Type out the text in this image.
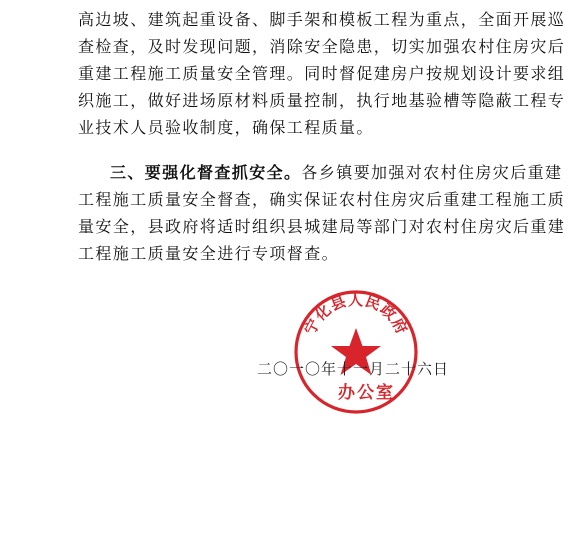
高边坡、建筑起重设备、脚手架和模板工程为重点，全面开展巡
查检查，及时发现问题，消除安全隐患，切实加强农村住房灾后
重建工程施工质量安全管理。同时督促建房户按规划设计要求组
织施工，做好进场原材料质量控制，执行地基验槽等隐蔽工程专
业技术人员验收制度，确保工程质量。
三、要强化督查抓安全。各乡镇要加强对农村住房灾后重建
工程施工质量安全督查，确实保证农村住房灾后重建工程施工质
量安全，县政府将适时组织县城建局等部门对农村住房灾后重建
工程施工质量安全进行专项督查。
宁化县人民政府
二〇一〇年十一月二十六日
办公室
